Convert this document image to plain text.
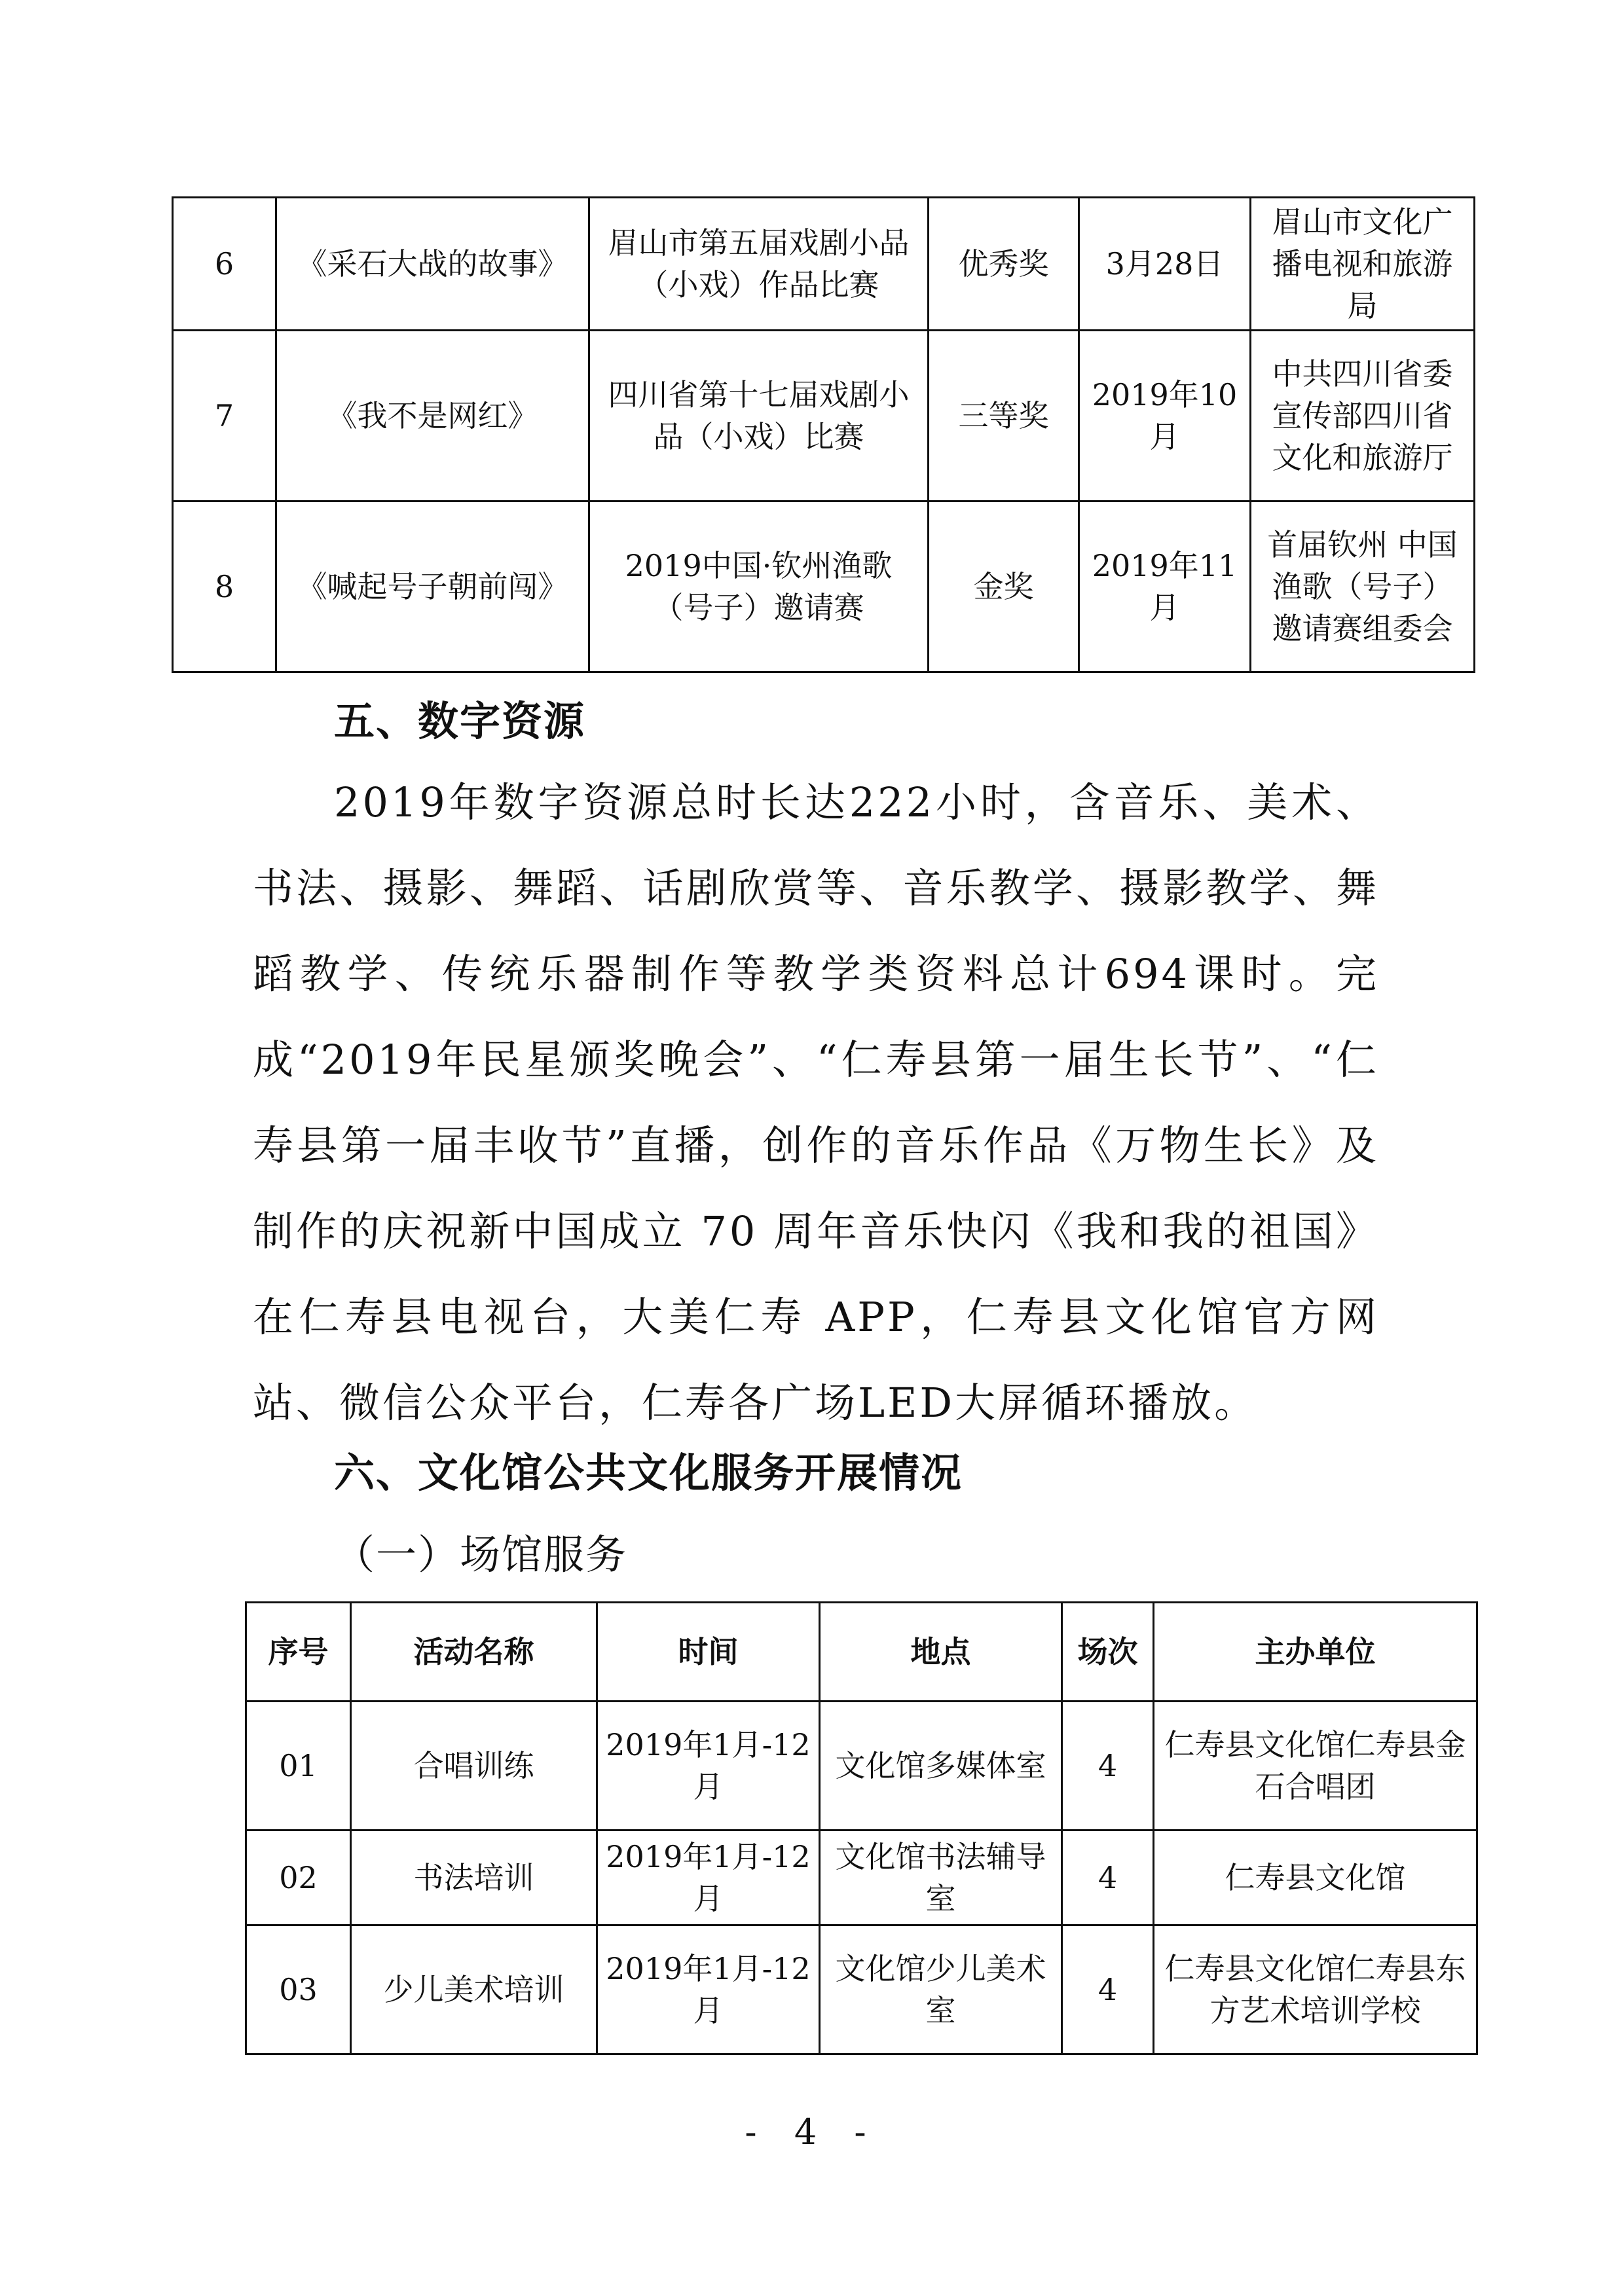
6	《采石大战的故事》	眉山市第五届戏剧小品（小戏）作品比赛	优秀奖	3月28日	眉山市文化广播电视和旅游局
7	《我不是网红》	四川省第十七届戏剧小品（小戏）比赛	三等奖	2019年10月	中共四川省委宣传部四川省文化和旅游厅
8	《喊起号子朝前闯》	2019中国·钦州渔歌（号子）邀请赛	金奖	2019年11月	首届钦州 中国渔歌（号子）邀请赛组委会
五、数字资源

2019年数字资源总时长达222小时，含音乐、美术、书法、摄影、舞蹈、话剧欣赏等、音乐教学、摄影教学、舞蹈教学、传统乐器制作等教学类资料总计694课时。完成“2019年民星颁奖晚会”、“仁寿县第一届生长节”、“仁寿县第一届丰收节”直播，创作的音乐作品《万物生长》及制作的庆祝新中国成立 70 周年音乐快闪《我和我的祖国》在仁寿县电视台，大美仁寿 APP，仁寿县文化馆官方网站、微信公众平台，仁寿各广场LED大屏循环播放。

六、文化馆公共文化服务开展情况
（一）场馆服务
序号	活动名称	时间	地点	场次	主办单位
01	合唱训练	2019年1月-12月	文化馆多媒体室	4	仁寿县文化馆仁寿县金石合唱团
02	书法培训	2019年1月-12月	文化馆书法辅导室	4	仁寿县文化馆
03	少儿美术培训	2019年1月-12月	文化馆少儿美术室	4	仁寿县文化馆仁寿县东方艺术培训学校

- 4 -
